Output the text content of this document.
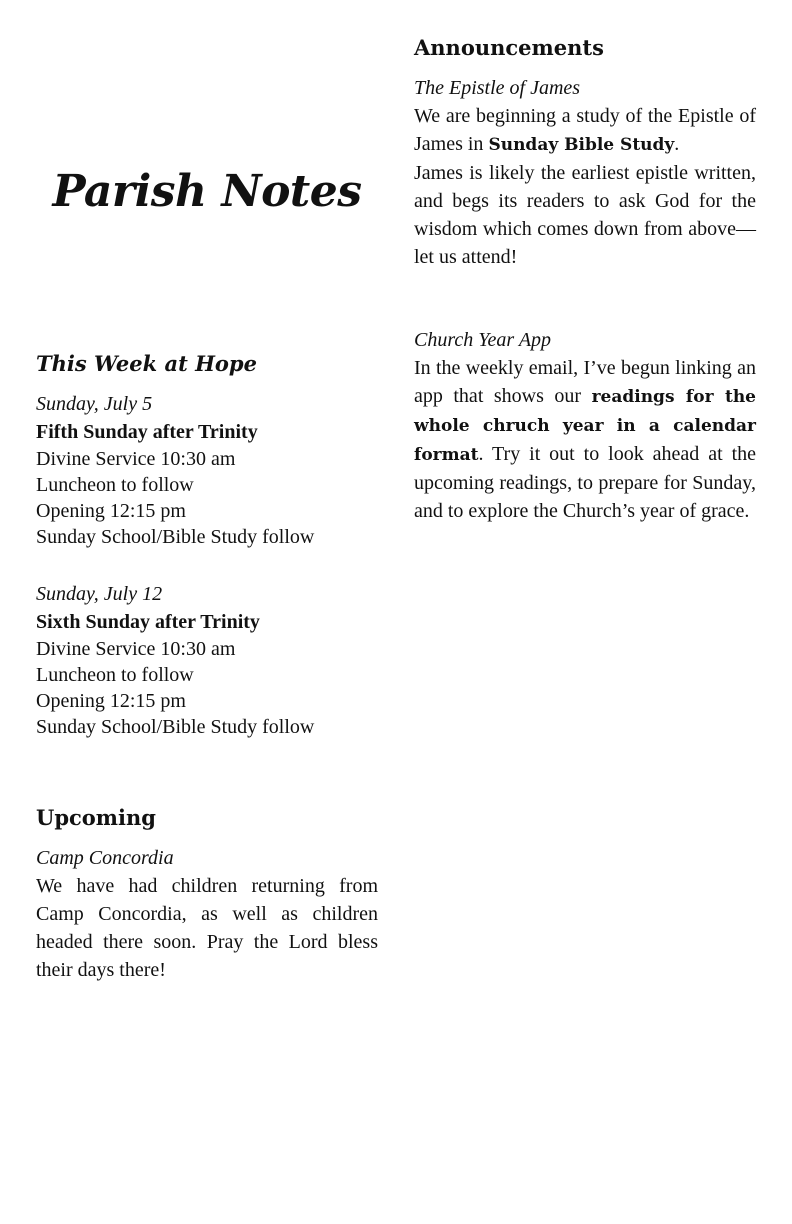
Parish Notes
This Week at Hope

Sunday, July 5

Fifth Sunday after Trinity

Divine Service 10:30 am

Luncheon to follow

Opening 12:15 pm

Sunday School/Bible Study follow

Sunday, July 12

Sixth Sunday after Trinity

Divine Service 10:30 am

Luncheon to follow

Opening 12:15 pm

Sunday School/Bible Study follow

Upcoming

Camp Concordia

We have had children returning from Camp Concordia, as well as children headed there soon. Pray the Lord bless their days there!

Announcements

The Epistle of James

We are beginning a study of the Epistle of James in Sunday Bible Study.

James is likely the earliest epistle written, and begs its readers to ask God for the wisdom which comes down from above—let us attend!

Church Year App

In the weekly email, I’ve begun linking an app that shows our readings for the whole chruch year in a calendar format. Try it out to look ahead at the upcoming readings, to prepare for Sunday, and to explore the Church’s year of grace.
